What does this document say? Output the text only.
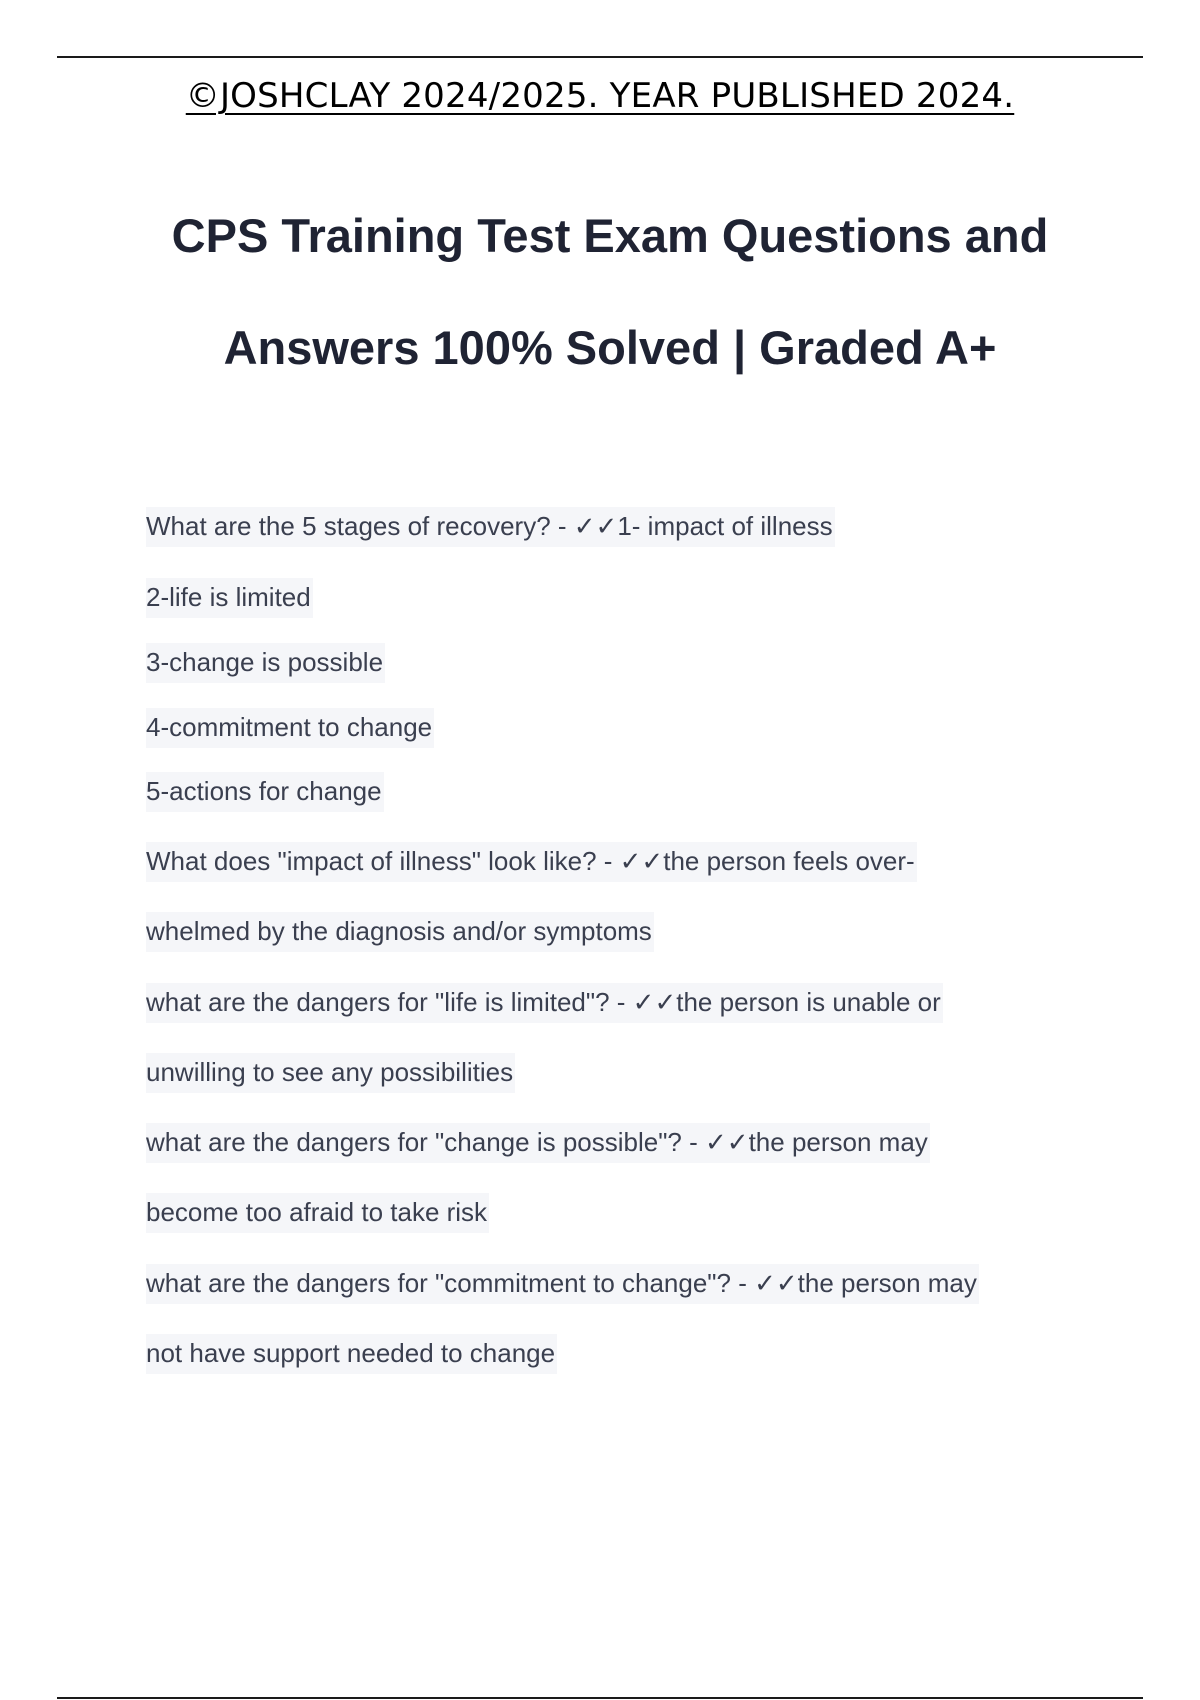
©JOSHCLAY 2024/2025. YEAR PUBLISHED 2024.
CPS Training Test Exam Questions and
Answers 100% Solved | Graded A+
What are the 5 stages of recovery? - ✓✓1- impact of illness
2-life is limited
3-change is possible
4-commitment to change
5-actions for change
What does "impact of illness" look like? - ✓✓the person feels over-
whelmed by the diagnosis and/or symptoms
what are the dangers for "life is limited"? - ✓✓the person is unable or
unwilling to see any possibilities
what are the dangers for "change is possible"? - ✓✓the person may
become too afraid to take risk
what are the dangers for "commitment to change"? - ✓✓the person may
not have support needed to change
